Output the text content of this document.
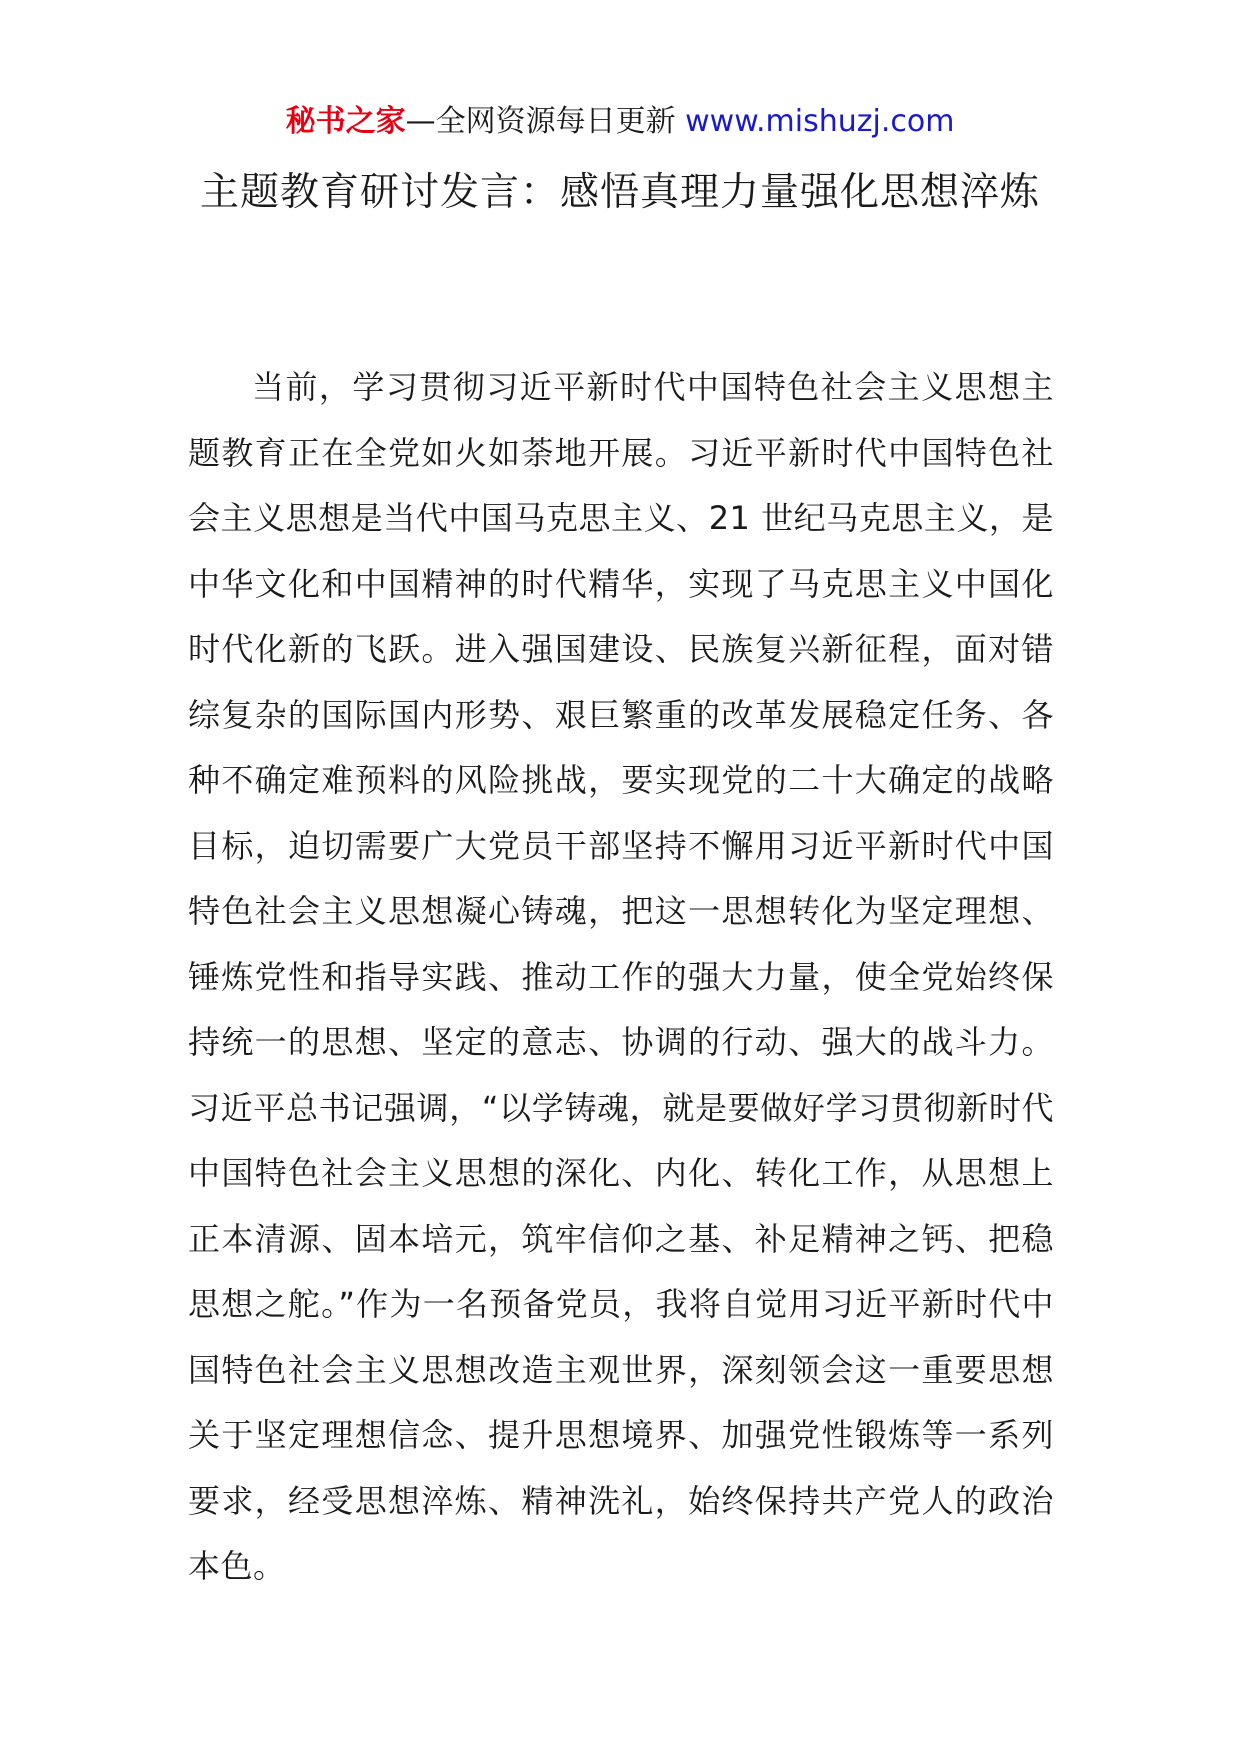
秘书之家—全网资源每日更新 www.mishuzj.com
主题教育研讨发言：感悟真理力量强化思想淬炼

当前，学习贯彻习近平新时代中国特色社会主义思想主题教育正在全党如火如荼地开展。习近平新时代中国特色社会主义思想是当代中国马克思主义、21 世纪马克思主义，是中华文化和中国精神的时代精华，实现了马克思主义中国化时代化新的飞跃。进入强国建设、民族复兴新征程，面对错综复杂的国际国内形势、艰巨繁重的改革发展稳定任务、各种不确定难预料的风险挑战，要实现党的二十大确定的战略目标，迫切需要广大党员干部坚持不懈用习近平新时代中国特色社会主义思想凝心铸魂，把这一思想转化为坚定理想、锤炼党性和指导实践、推动工作的强大力量，使全党始终保持统一的思想、坚定的意志、协调的行动、强大的战斗力。习近平总书记强调，“以学铸魂，就是要做好学习贯彻新时代中国特色社会主义思想的深化、内化、转化工作，从思想上正本清源、固本培元，筑牢信仰之基、补足精神之钙、把稳思想之舵。”作为一名预备党员，我将自觉用习近平新时代中国特色社会主义思想改造主观世界，深刻领会这一重要思想关于坚定理想信念、提升思想境界、加强党性锻炼等一系列要求，经受思想淬炼、精神洗礼，始终保持共产党人的政治本色。
